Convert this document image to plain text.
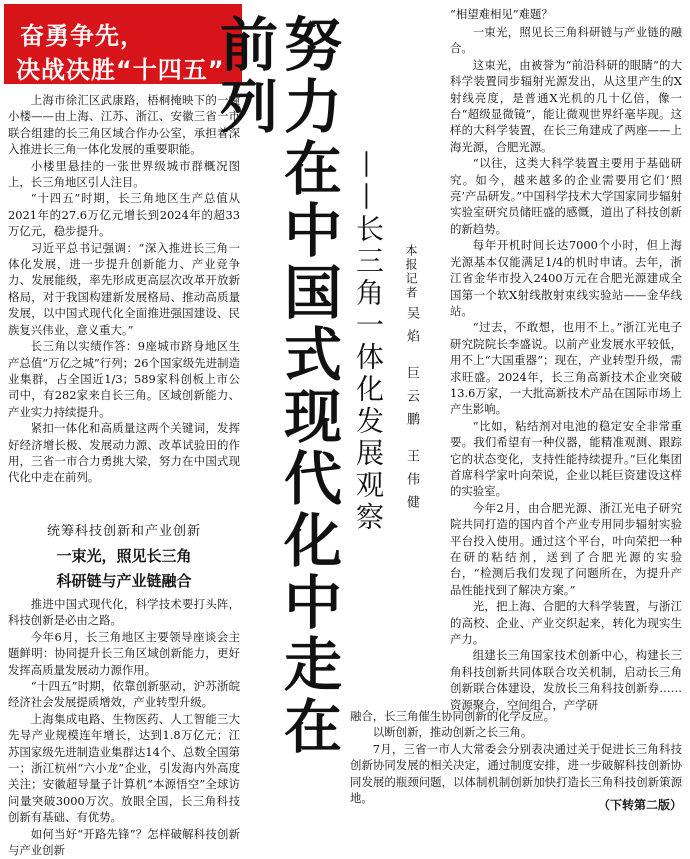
奋勇争先，
决战决胜“十四五”

上海市徐汇区武康路，梧桐掩映下的一幢小楼——由上海、江苏、浙江、安徽三省一市联合组建的长三角区域合作办公室，承担着深入推进长三角一体化发展的重要职能。

小楼里悬挂的一张世界级城市群概况图上，长三角地区引人注目。

“十四五”时期，长三角地区生产总值从2021年的27.6万亿元增长到2024年的超33万亿元，稳步提升。

习近平总书记强调：“深入推进长三角一体化发展，进一步提升创新能力、产业竞争力、发展能级，率先形成更高层次改革开放新格局，对于我国构建新发展格局、推动高质量发展，以中国式现代化全面推进强国建设、民族复兴伟业，意义重大。”

长三角以实绩作答：9座城市跻身地区生产总值“万亿之城”行列；26个国家级先进制造业集群，占全国近1/3；589家科创板上市公司中，有282家来自长三角。区域创新能力、产业实力持续提升。

紧扣一体化和高质量这两个关键词，发挥好经济增长极、发展动力源、改革试验田的作用，三省一市合力勇挑大梁，努力在中国式现代化中走在前列。

统筹科技创新和产业创新
一束光，照见长三角
科研链与产业链融合

推进中国式现代化，科学技术要打头阵，科技创新是必由之路。

今年6月，长三角地区主要领导座谈会主题鲜明：协同提升长三角区域创新能力，更好发挥高质量发展动力源作用。

“十四五”时期，依靠创新驱动，沪苏浙皖经济社会发展提质增效，产业转型升级。

上海集成电路、生物医药、人工智能三大先导产业规模连年增长，达到1.8万亿元；江苏国家级先进制造业集群达14个、总数全国第一；浙江杭州“六小龙”企业，引发海内外高度关注；安徽超导量子计算机“本源悟空”全球访问量突破3000万次。放眼全国，长三角科技创新有基础、有优势。

如何当好“开路先锋”？怎样破解科技创新与产业创新

努力在中国式现代化中走在前列
——长三角一体化发展观察 本报记者
吴焰 巨云鹏 王伟健

“相望难相见”难题？

一束光，照见长三角科研链与产业链的融合。

这束光，由被誉为“前沿科研的眼睛”的大科学装置同步辐射光源发出，从这里产生的X射线亮度，是普通X光机的几十亿倍，像一台“超级显微镜”，能让微观世界纤毫毕现。这样的大科学装置，在长三角建成了两座——上海光源，合肥光源。

“以往，这类大科学装置主要用于基础研究。如今，越来越多的企业需要用它们‘照亮’产品研发。”中国科学技术大学国家同步辐射实验室研究员储旺盛的感慨，道出了科技创新的新趋势。

每年开机时间长达7000个小时，但上海光源基本仅能满足1/4的机时申请。去年，浙江省金华市投入2400万元在合肥光源建成全国第一个软X射线散射束线实验站——金华线站。

“过去，不敢想，也用不上。”浙江光电子研究院院长李盛说。以前产业发展水平较低，用不上“大国重器”；现在，产业转型升级，需求旺盛。2024年，长三角高新技术企业突破13.6万家，一大批高新技术产品在国际市场上产生影响。

“比如，粘结剂对电池的稳定安全非常重要。我们希望有一种仪器，能精准观测、跟踪它的状态变化，支持性能持续提升。”巨化集团首席科学家叶向荣说，企业以耗巨资建设这样的实验室。

今年2月，由合肥光源、浙江光电子研究院共同打造的国内首个产业专用同步辐射实验平台投入使用。通过这个平台，叶向荣把一种在研的粘结剂，送到了合肥光源的实验台，“检测后我们发现了问题所在，为提升产品性能找到了解决方案。”

光，把上海、合肥的大科学装置，与浙江的高校、企业、产业交织起来，转化为现实生产力。

组建长三角国家技术创新中心，构建长三角科技创新共同体联合攻关机制，启动长三角创新联合体建设，发放长三角科技创新券……资源聚合，空间组合，产学研

融合，长三角催生协同创新的化学反应。

以断创新，推动创新之长三角。

7月，三省一市人大常委会分别表决通过关于促进长三角科技创新协同发展的相关决定，通过制度安排，进一步破解科技创新协同发展的瓶颈问题，以体制机制创新加快打造长三角科技创新策源地。	（下转第二版）
